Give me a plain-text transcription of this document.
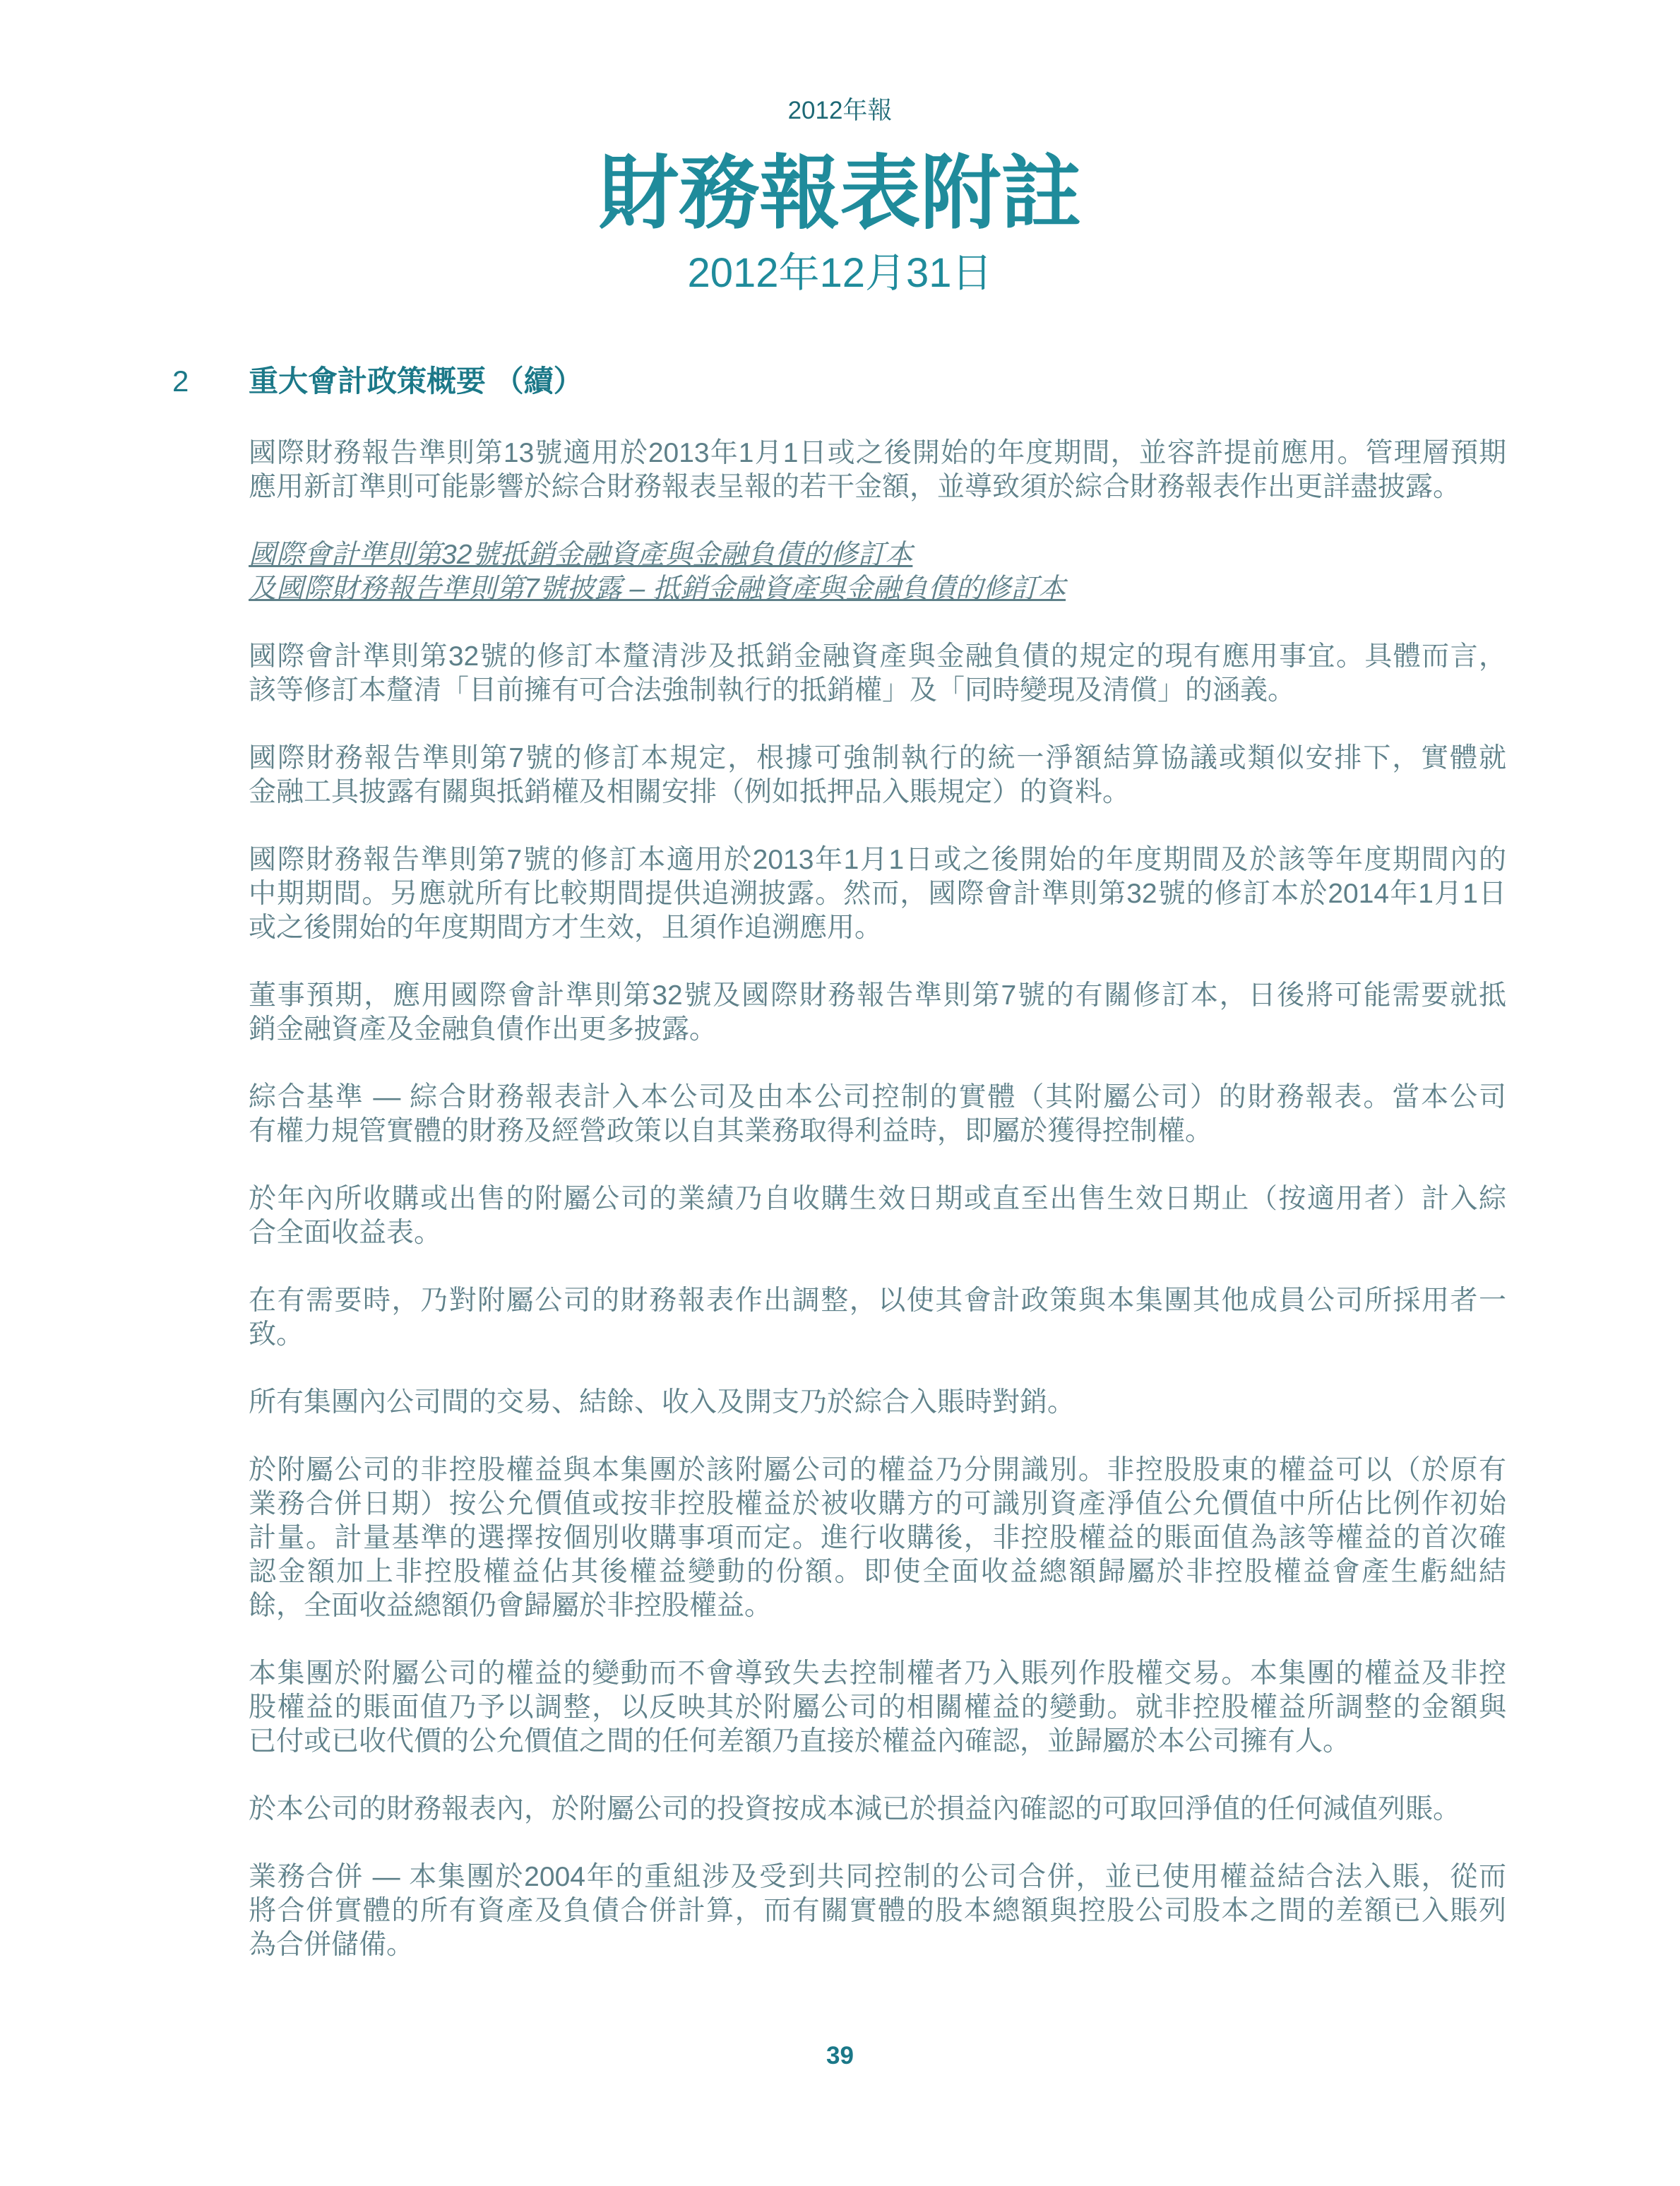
2012年報
財務報表附註
2012年12月31日
2 重大會計政策概要 （續）
國際財務報告準則第13號適用於2013年1月1日或之後開始的年度期間，並容許提前應用。管理層預期
應用新訂準則可能影響於綜合財務報表呈報的若干金額，並導致須於綜合財務報表作出更詳盡披露。
國際會計準則第32號抵銷金融資產與金融負債的修訂本
及國際財務報告準則第7號披露 – 抵銷金融資產與金融負債的修訂本
國際會計準則第32號的修訂本釐清涉及抵銷金融資產與金融負債的規定的現有應用事宜。具體而言，
該等修訂本釐清「目前擁有可合法強制執行的抵銷權」及「同時變現及清償」的涵義。
國際財務報告準則第7號的修訂本規定，根據可強制執行的統一淨額結算協議或類似安排下，實體就
金融工具披露有關與抵銷權及相關安排（例如抵押品入賬規定）的資料。
國際財務報告準則第7號的修訂本適用於2013年1月1日或之後開始的年度期間及於該等年度期間內的
中期期間。另應就所有比較期間提供追溯披露。然而，國際會計準則第32號的修訂本於2014年1月1日
或之後開始的年度期間方才生效，且須作追溯應用。
董事預期，應用國際會計準則第32號及國際財務報告準則第7號的有關修訂本，日後將可能需要就抵
銷金融資產及金融負債作出更多披露。
綜合基準 — 綜合財務報表計入本公司及由本公司控制的實體（其附屬公司）的財務報表。當本公司
有權力規管實體的財務及經營政策以自其業務取得利益時，即屬於獲得控制權。
於年內所收購或出售的附屬公司的業績乃自收購生效日期或直至出售生效日期止（按適用者）計入綜
合全面收益表。
在有需要時，乃對附屬公司的財務報表作出調整，以使其會計政策與本集團其他成員公司所採用者一
致。
所有集團內公司間的交易、結餘、收入及開支乃於綜合入賬時對銷。
於附屬公司的非控股權益與本集團於該附屬公司的權益乃分開識別。非控股股東的權益可以（於原有
業務合併日期）按公允價值或按非控股權益於被收購方的可識別資產淨值公允價值中所佔比例作初始
計量。計量基準的選擇按個別收購事項而定。進行收購後，非控股權益的賬面值為該等權益的首次確
認金額加上非控股權益佔其後權益變動的份額。即使全面收益總額歸屬於非控股權益會產生虧絀結
餘，全面收益總額仍會歸屬於非控股權益。
本集團於附屬公司的權益的變動而不會導致失去控制權者乃入賬列作股權交易。本集團的權益及非控
股權益的賬面值乃予以調整，以反映其於附屬公司的相關權益的變動。就非控股權益所調整的金額與
已付或已收代價的公允價值之間的任何差額乃直接於權益內確認，並歸屬於本公司擁有人。
於本公司的財務報表內，於附屬公司的投資按成本減已於損益內確認的可取回淨值的任何減值列賬。
業務合併 — 本集團於2004年的重組涉及受到共同控制的公司合併，並已使用權益結合法入賬，從而
將合併實體的所有資產及負債合併計算，而有關實體的股本總額與控股公司股本之間的差額已入賬列
為合併儲備。
39
